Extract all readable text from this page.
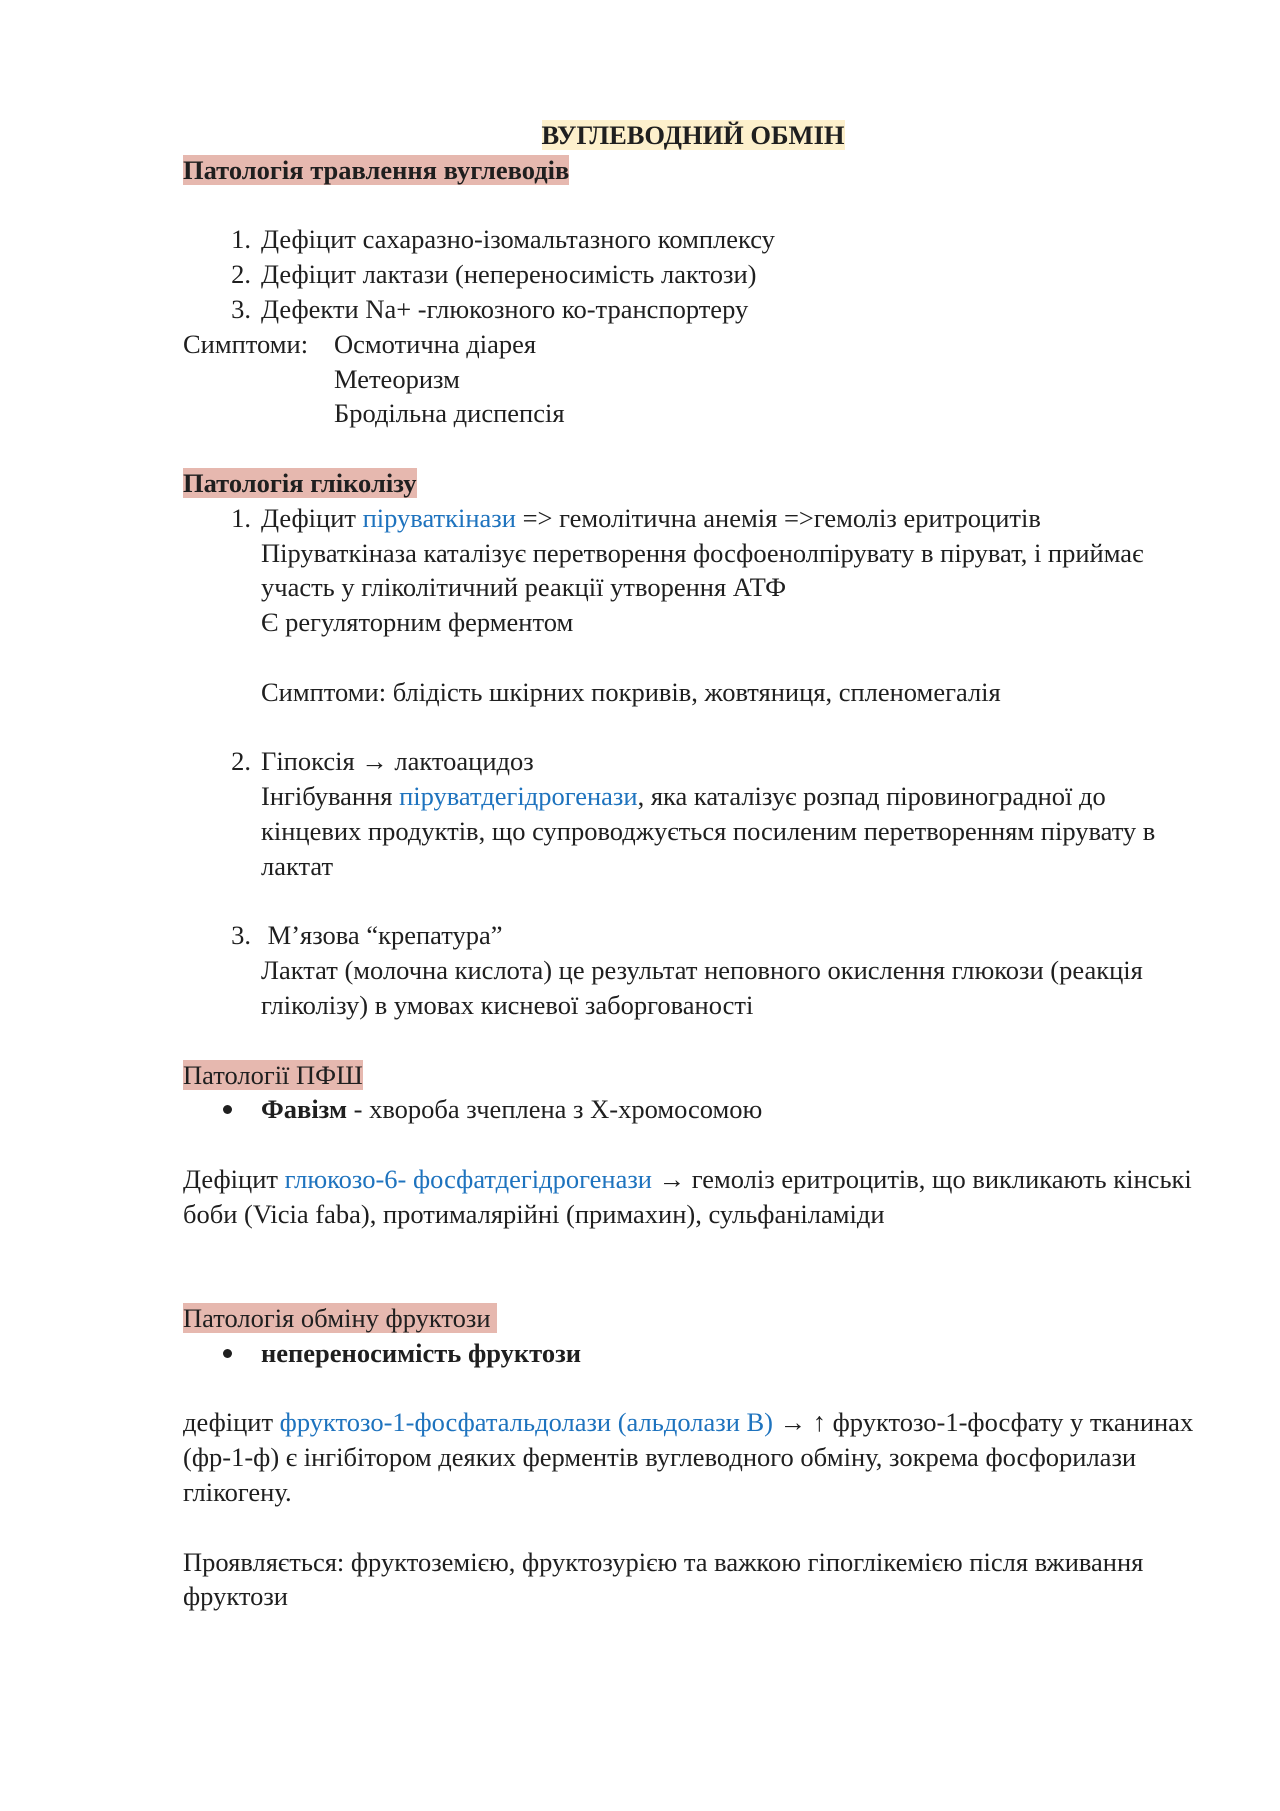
ВУГЛЕВОДНИЙ ОБМІН

Патологія травлення вуглеводів

1. Дефіцит сахаразно-ізомальтазного комплексу
2. Дефіцит лактази (непереносимість лактози)
3. Дефекти Na+ -глюкозного ко-транспортеру
Симптоми: Осмотична діарея

Метеоризм

Бродільна диспепсія

Патологія гліколізу

1. Дефіцит піруваткінази => гемолітична анемія =>гемоліз еритроцитів

Піруваткіназа каталізує перетворення фосфоенолпірувату в піруват, і приймає участь у гліколітичний реакції утворення АТФ

Є регуляторним ферментом

Симптоми: блідість шкірних покривів, жовтяниця, спленомегалія

2. Гіпоксія → лактоацидоз

Інгібування піруватдегідрогенази, яка каталізує розпад піровиноградної до кінцевих продуктів, що супроводжується посиленим перетворенням пірувату в лактат

3. М’язова “крепатура”

Лактат (молочна кислота) це результат неповного окислення глюкози (реакція гліколізу) в умовах кисневої заборгованості

Патології ПФШ

Фавізм - хвороба зчеплена з Х-хромосомою

Дефіцит глюкозо-6- фосфатдегідрогенази → гемоліз еритроцитів, що викликають кінські боби (Vicia faba), протималярійні (примахин), сульфаніламіди

Патологія обміну фруктози

непереносимість фруктози

дефіцит фруктозо-1-фосфатальдолази (альдолази В) → ↑ фруктозо-1-фосфату у тканинах (фр-1-ф) є інгібітором деяких ферментів вуглеводного обміну, зокрема фосфорилази глікогену.

Проявляється: фруктоземією, фруктозурією та важкою гіпоглікемією після вживання фруктози
